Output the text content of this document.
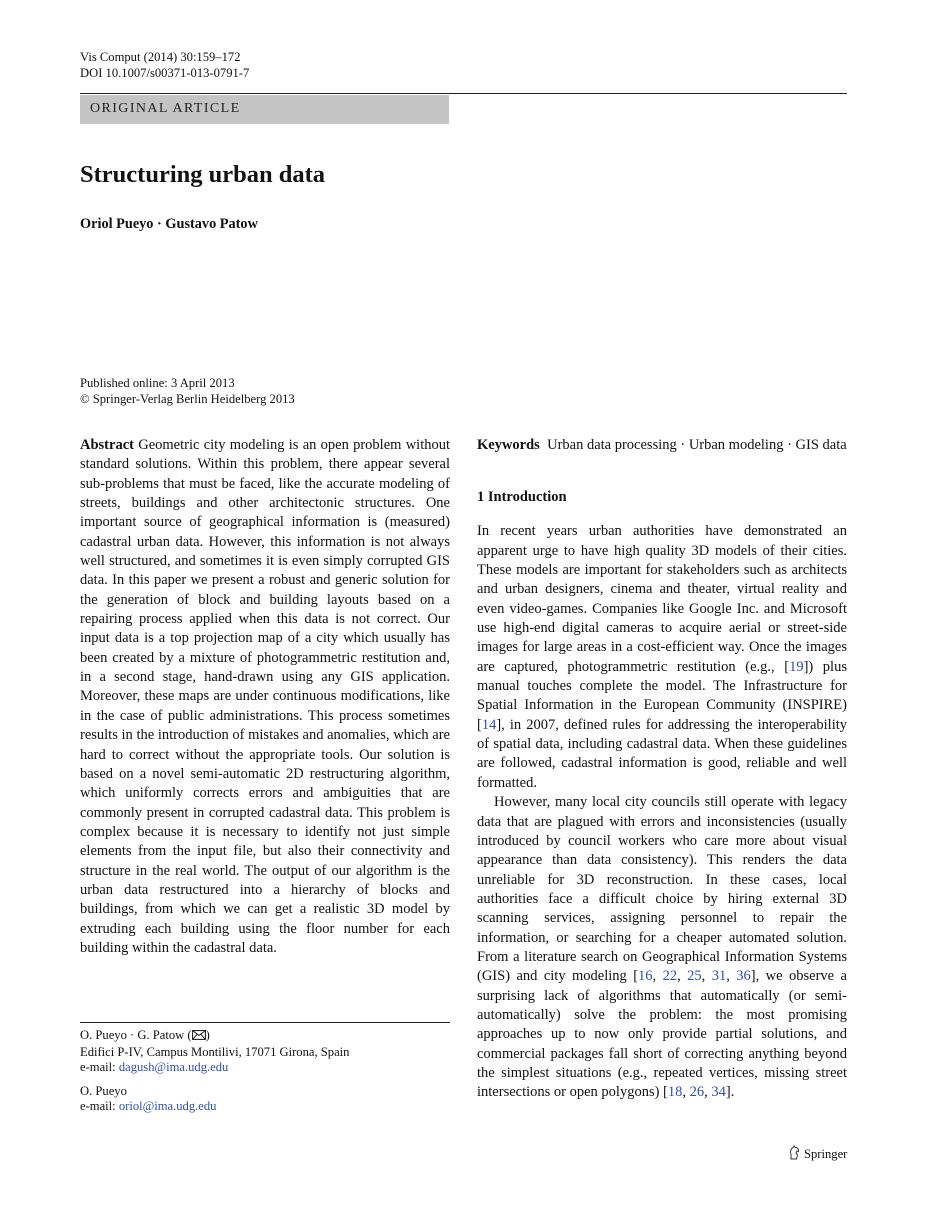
Vis Comput (2014) 30:159–172
DOI 10.1007/s00371-013-0791-7
ORIGINAL ARTICLE
Structuring urban data
Oriol Pueyo · Gustavo Patow
Published online: 3 April 2013
© Springer-Verlag Berlin Heidelberg 2013

Abstract Geometric city modeling is an open problem without standard solutions. Within this problem, there appear several sub-problems that must be faced, like the accurate modeling of streets, buildings and other architectonic structures. One important source of geographical information is (measured) cadastral urban data. However, this information is not always well structured, and sometimes it is even simply corrupted GIS data. In this paper we present a robust and generic solution for the generation of block and building layouts based on a repairing process applied when this data is not correct. Our input data is a top projection map of a city which usually has been created by a mixture of photogrammetric restitution and, in a second stage, hand-drawn using any GIS application. Moreover, these maps are under continuous modifications, like in the case of public administrations. This process sometimes results in the introduction of mistakes and anomalies, which are hard to correct without the appropriate tools. Our solution is based on a novel semi-automatic 2D restructuring algorithm, which uniformly corrects errors and ambiguities that are commonly present in corrupted cadastral data. This problem is complex because it is necessary to identify not just simple elements from the input file, but also their connectivity and structure in the real world. The output of our algorithm is the urban data restructured into a hierarchy of blocks and buildings, from which we can get a realistic 3D model by extruding each building using the floor number for each building within the cadastral data.

Keywords Urban data processing · Urban modeling · GIS data

1 Introduction

In recent years urban authorities have demonstrated an apparent urge to have high quality 3D models of their cities. These models are important for stakeholders such as architects and urban designers, cinema and theater, virtual reality and even video-games. Companies like Google Inc. and Microsoft use high-end digital cameras to acquire aerial or street-side images for large areas in a cost-efficient way. Once the images are captured, photogrammetric restitution (e.g., [19]) plus manual touches complete the model. The Infrastructure for Spatial Information in the European Community (INSPIRE) [14], in 2007, defined rules for addressing the interoperability of spatial data, including cadastral data. When these guidelines are followed, cadastral information is good, reliable and well formatted.

However, many local city councils still operate with legacy data that are plagued with errors and inconsistencies (usually introduced by council workers who care more about visual appearance than data consistency). This renders the data unreliable for 3D reconstruction. In these cases, local authorities face a difficult choice by hiring external 3D scanning services, assigning personnel to repair the information, or searching for a cheaper automated solution. From a literature search on Geographical Information Systems (GIS) and city modeling [16, 22, 25, 31, 36], we observe a surprising lack of algorithms that automatically (or semi-automatically) solve the problem: the most promising approaches up to now only provide partial solutions, and commercial packages fall short of correcting anything beyond the simplest situations (e.g., repeated vertices, missing street intersections or open polygons) [18, 26, 34].

O. Pueyo · G. Patow ( )
Edifici P-IV, Campus Montilivi, 17071 Girona, Spain
e-mail: dagush@ima.udg.edu
O. Pueyo
e-mail: oriol@ima.udg.edu
Springer
